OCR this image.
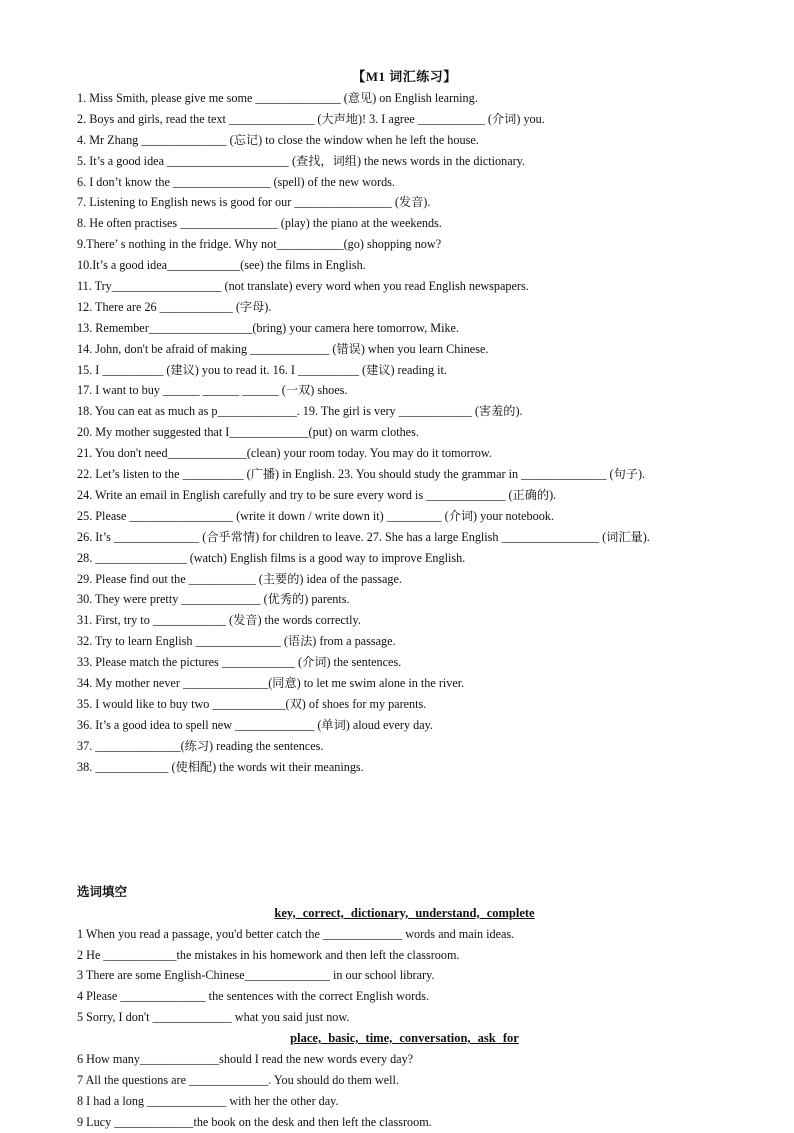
【M1 词汇练习】
1. Miss Smith, please give me some ______________ (意见) on English learning.
2. Boys and girls, read the text ______________ (大声地)! 3. I agree ___________ (介词) you.
4. Mr Zhang ______________ (忘记) to close the window when he left the house.
5. It’s a good idea ____________________ (查找，词组) the news words in the dictionary.
6. I don’t know the ________________ (spell) of the new words.
7. Listening to English news is good for our ________________ (发音).
8. He often practises ________________ (play) the piano at the weekends.
9.There’ s nothing in the fridge. Why not___________(go) shopping now?
10.It’s a good idea____________(see) the films in English.
11. Try__________________ (not translate) every word when you read English newspapers.
12. There are 26 ____________ (字母).
13. Remember_________________(bring) your camera here tomorrow, Mike.
14. John, don't be afraid of making _____________ (错误) when you learn Chinese.
15. I __________ (建议) you to read it. 16. I __________ (建议) reading it.
17. I want to buy ______ ______ ______ (一双) shoes.
18. You can eat as much as p_____________. 19. The girl is very ____________ (害羞的).
20. My mother suggested that I_____________(put) on warm clothes.
21. You don't need_____________(clean) your room today. You may do it tomorrow.
22. Let’s listen to the __________ (广播) in English. 23. You should study the grammar in ______________ (句子).
24. Write an email in English carefully and try to be sure every word is _____________ (正确的).
25. Please _________________ (write it down / write down it) _________ (介词) your notebook.
26. It’s ______________ (合乎常情) for children to leave. 27. She has a large English ________________ (词汇量).
28. _______________ (watch) English films is a good way to improve English.
29. Please find out the ___________ (主要的) idea of the passage.
30. They were pretty _____________ (优秀的) parents.
31. First, try to ____________ (发音) the words correctly.
32. Try to learn English ______________ (语法) from a passage.
33. Please match the pictures ____________ (介词) the sentences.
34. My mother never ______________(同意) to let me swim alone in the river.
35. I would like to buy two ____________(双) of shoes for my parents.
36. It’s a good idea to spell new _____________ (单词) aloud every day.
37. ______________(练习) reading the sentences.
38. ____________ (使相配) the words wit their meanings.
选词填空
key, correct, dictionary, understand, complete
1 When you read a passage, you'd better catch the _____________ words and main ideas.
2 He ____________the mistakes in his homework and then left the classroom.
3 There are some English-Chinese______________ in our school library.
4 Please ______________ the sentences with the correct English words.
5 Sorry, I don't _____________ what you said just now.
place, basic, time, conversation, ask for
6 How many_____________should I read the new words every day?
7 All the questions are _____________. You should do them well.
8 I had a long _____________ with her the other day.
9 Lucy _____________the book on the desk and then left the classroom.
